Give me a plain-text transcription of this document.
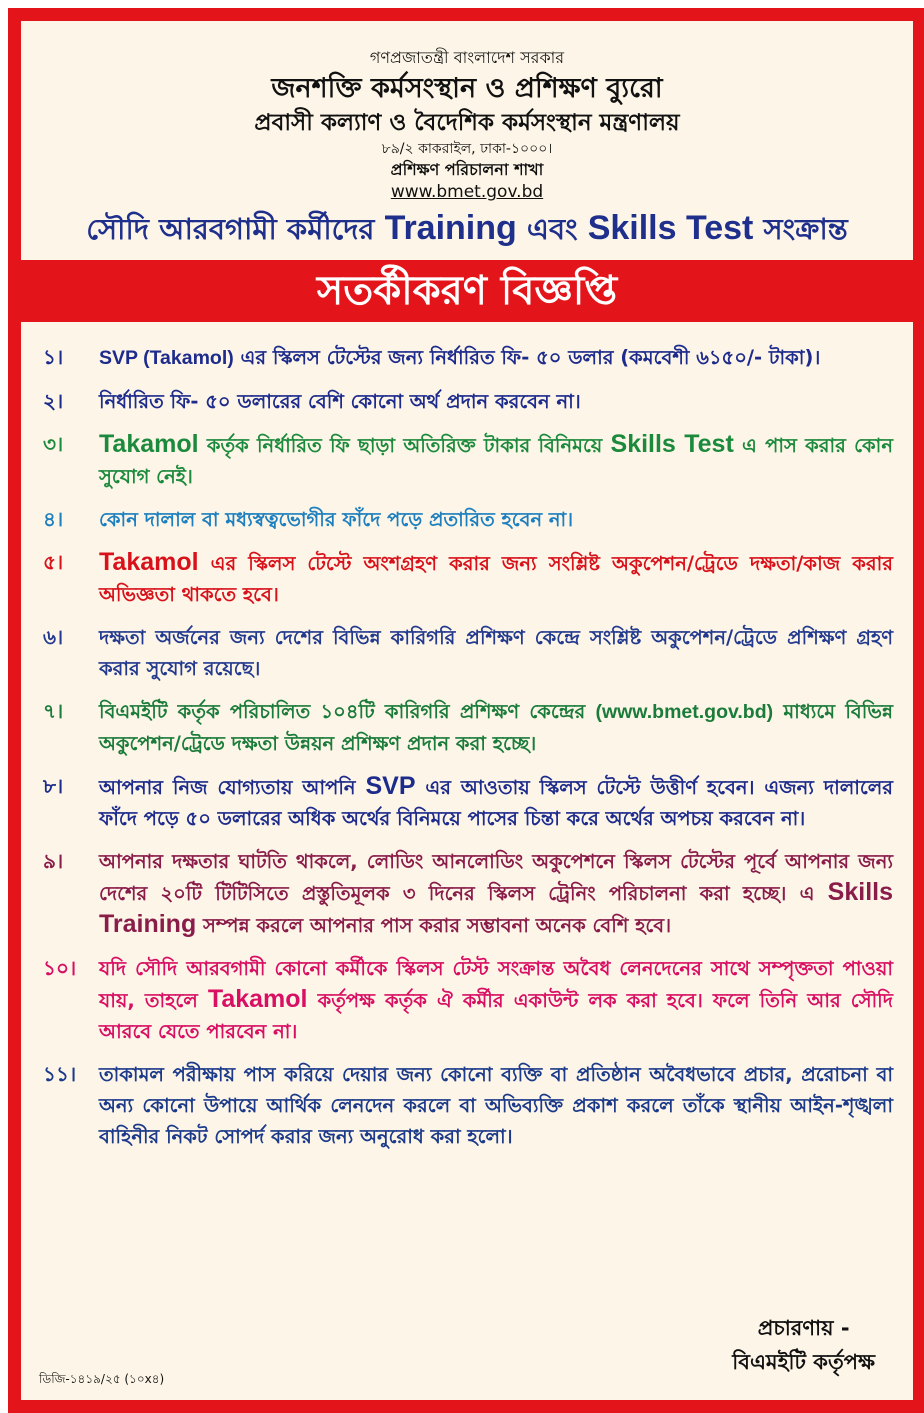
গণপ্রজাতন্ত্রী বাংলাদেশ সরকার
জনশক্তি কর্মসংস্থান ও প্রশিক্ষণ ব্যুরো
প্রবাসী কল্যাণ ও বৈদেশিক কর্মসংস্থান মন্ত্রণালয়
৮৯/২ কাকরাইল, ঢাকা-১০০০।
প্রশিক্ষণ পরিচালনা শাখা
www.bmet.gov.bd
সৌদি আরবগামী কর্মীদের Training এবং Skills Test সংক্রান্ত
সতর্কীকরণ বিজ্ঞপ্তি
১।	SVP (Takamol) এর স্কিলস টেস্টের জন্য নির্ধারিত ফি- ৫০ ডলার (কমবেশী ৬১৫০/- টাকা)।
২।	নির্ধারিত ফি- ৫০ ডলারের বেশি কোনো অর্থ প্রদান করবেন না।
৩।	Takamol কর্তৃক নির্ধারিত ফি ছাড়া অতিরিক্ত টাকার বিনিময়ে Skills Test এ পাস করার কোন সুযোগ নেই।
৪।	কোন দালাল বা মধ্যস্বত্বভোগীর ফাঁদে পড়ে প্রতারিত হবেন না।
৫।	Takamol এর স্কিলস টেস্টে অংশগ্রহণ করার জন্য সংশ্লিষ্ট অকুপেশন/ট্রেডে দক্ষতা/কাজ করার অভিজ্ঞতা থাকতে হবে।
৬।	দক্ষতা অর্জনের জন্য দেশের বিভিন্ন কারিগরি প্রশিক্ষণ কেন্দ্রে সংশ্লিষ্ট অকুপেশন/ট্রেডে প্রশিক্ষণ গ্রহণ করার সুযোগ রয়েছে।
৭।	বিএমইটি কর্তৃক পরিচালিত ১০৪টি কারিগরি প্রশিক্ষণ কেন্দ্রের (www.bmet.gov.bd) মাধ্যমে বিভিন্ন অকুপেশন/ট্রেডে দক্ষতা উন্নয়ন প্রশিক্ষণ প্রদান করা হচ্ছে।
৮।	আপনার নিজ যোগ্যতায় আপনি SVP এর আওতায় স্কিলস টেস্টে উত্তীর্ণ হবেন। এজন্য দালালের ফাঁদে পড়ে ৫০ ডলারের অধিক অর্থের বিনিময়ে পাসের চিন্তা করে অর্থের অপচয় করবেন না।
৯।	আপনার দক্ষতার ঘাটতি থাকলে, লোডিং আনলোডিং অকুপেশনে স্কিলস টেস্টের পূর্বে আপনার জন্য দেশের ২০টি টিটিসিতে প্রস্তুতিমূলক ৩ দিনের স্কিলস ট্রেনিং পরিচালনা করা হচ্ছে। এ Skills Training সম্পন্ন করলে আপনার পাস করার সম্ভাবনা অনেক বেশি হবে।
১০।	যদি সৌদি আরবগামী কোনো কর্মীকে স্কিলস টেস্ট সংক্রান্ত অবৈধ লেনদেনের সাথে সম্পৃক্ততা পাওয়া যায়, তাহলে Takamol কর্তৃপক্ষ কর্তৃক ঐ কর্মীর একাউন্ট লক করা হবে। ফলে তিনি আর সৌদি আরবে যেতে পারবেন না।
১১।	তাকামল পরীক্ষায় পাস করিয়ে দেয়ার জন্য কোনো ব্যক্তি বা প্রতিষ্ঠান অবৈধভাবে প্রচার, প্ররোচনা বা অন্য কোনো উপায়ে আর্থিক লেনদেন করলে বা অভিব্যক্তি প্রকাশ করলে তাঁকে স্থানীয় আইন-শৃঙ্খলা বাহিনীর নিকট সোপর্দ করার জন্য অনুরোধ করা হলো।
প্রচারণায় -
বিএমইটি কর্তৃপক্ষ
ডিজি-১৪১৯/২৫ (১০x৪)
